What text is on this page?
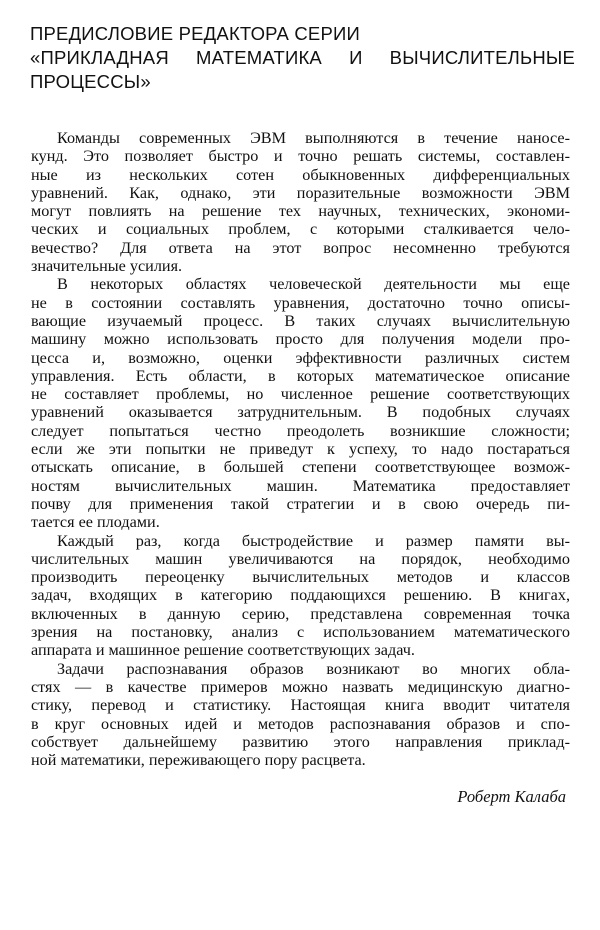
ПРЕДИСЛОВИЕ РЕДАКТОРА СЕРИИ
«ПРИКЛАДНАЯ МАТЕМАТИКА И ВЫЧИСЛИТЕЛЬНЫЕ
ПРОЦЕССЫ»

Команды современных ЭВМ выполняются в течение наносе-
кунд. Это позволяет быстро и точно решать системы, составлен-
ные из нескольких сотен обыкновенных дифференциальных
уравнений. Как, однако, эти поразительные возможности ЭВМ
могут повлиять на решение тех научных, технических, экономи-
ческих и социальных проблем, с которыми сталкивается чело-
вечество? Для ответа на этот вопрос несомненно требуются
значительные усилия.

В некоторых областях человеческой деятельности мы еще
не в состоянии составлять уравнения, достаточно точно описы-
вающие изучаемый процесс. В таких случаях вычислительную
машину можно использовать просто для получения модели про-
цесса и, возможно, оценки эффективности различных систем
управления. Есть области, в которых математическое описание
не составляет проблемы, но численное решение соответствующих
уравнений оказывается затруднительным. В подобных случаях
следует попытаться честно преодолеть возникшие сложности;
если же эти попытки не приведут к успеху, то надо постараться
отыскать описание, в большей степени соответствующее возмож-
ностям вычислительных машин. Математика предоставляет
почву для применения такой стратегии и в свою очередь пи-
тается ее плодами.

Каждый раз, когда быстродействие и размер памяти вы-
числительных машин увеличиваются на порядок, необходимо
производить переоценку вычислительных методов и классов
задач, входящих в категорию поддающихся решению. В книгах,
включенных в данную серию, представлена современная точка
зрения на постановку, анализ с использованием математического
аппарата и машинное решение соответствующих задач.

Задачи распознавания образов возникают во многих обла-
стях — в качестве примеров можно назвать медицинскую диагно-
стику, перевод и статистику. Настоящая книга вводит читателя
в круг основных идей и методов распознавания образов и спо-
собствует дальнейшему развитию этого направления приклад-
ной математики, переживающего пору расцвета.

Роберт Калаба
